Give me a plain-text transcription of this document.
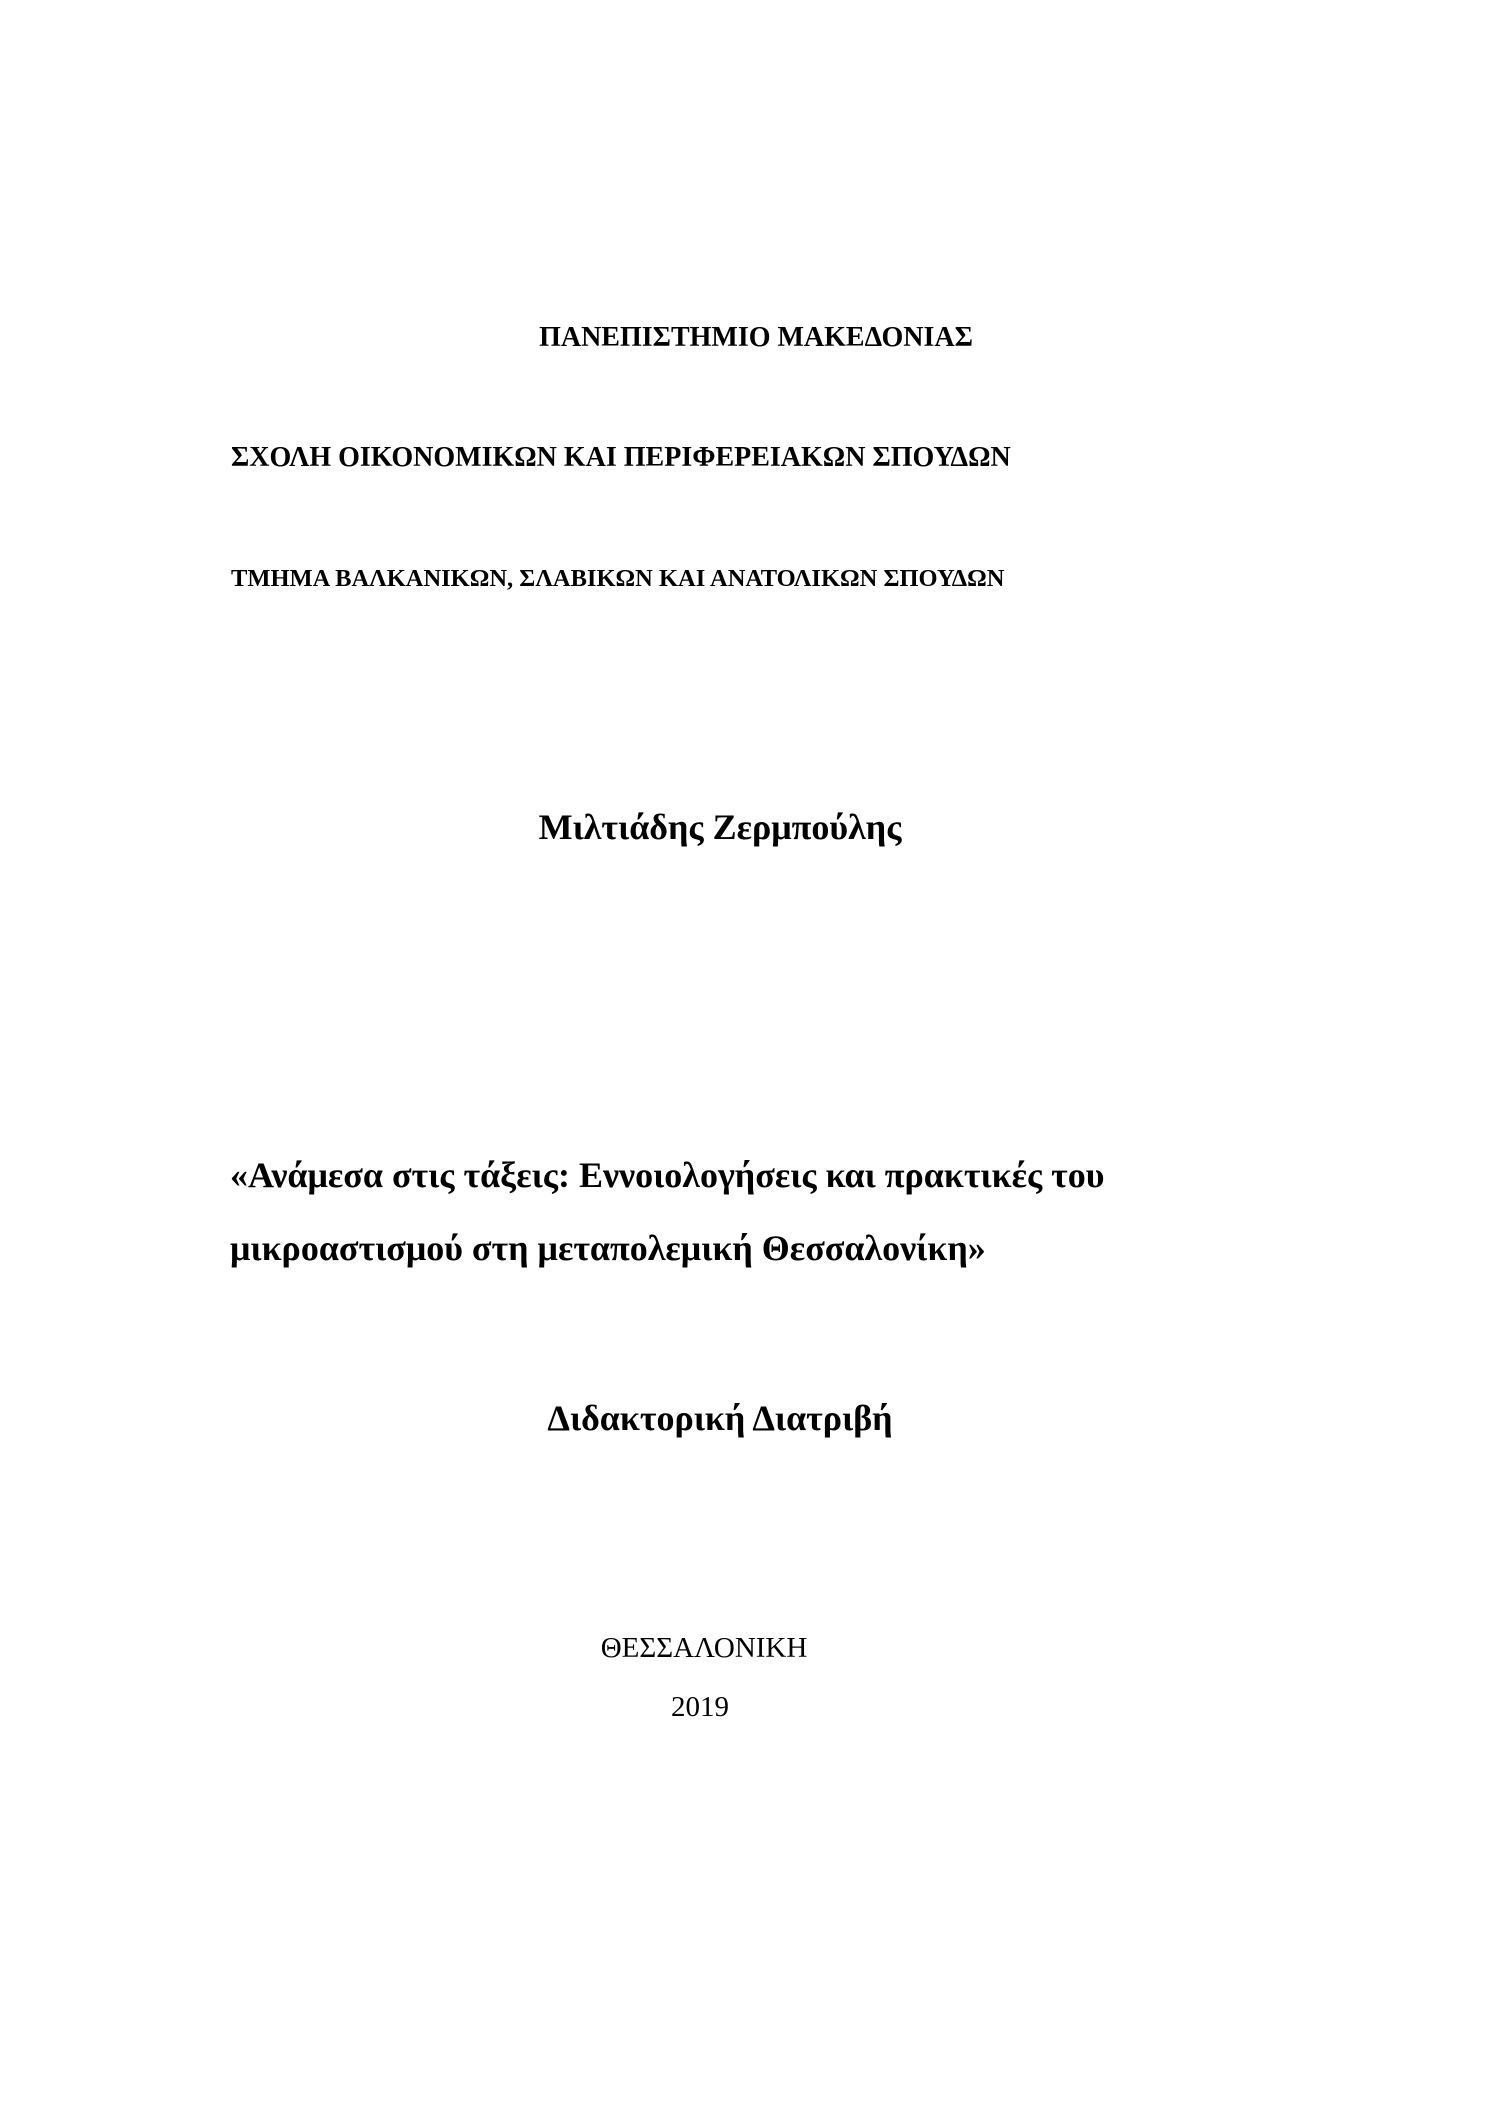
ΠΑΝΕΠΙΣΤΗΜΙΟ ΜΑΚΕΔΟΝΙΑΣ
ΣΧΟΛΗ ΟΙΚΟΝΟΜΙΚΩΝ ΚΑΙ ΠΕΡΙΦΕΡΕΙΑΚΩΝ ΣΠΟΥΔΩΝ
ΤΜΗΜΑ ΒΑΛΚΑΝΙΚΩΝ, ΣΛΑΒΙΚΩΝ ΚΑΙ ΑΝΑΤΟΛΙΚΩΝ ΣΠΟΥΔΩΝ
Μιλτιάδης Ζερμπούλης
«Ανάμεσα στις τάξεις: Εννοιολογήσεις και πρακτικές του
μικροαστισμού στη μεταπολεμική Θεσσαλονίκη»
Διδακτορική Διατριβή
ΘΕΣΣΑΛΟΝΙΚΗ
2019
